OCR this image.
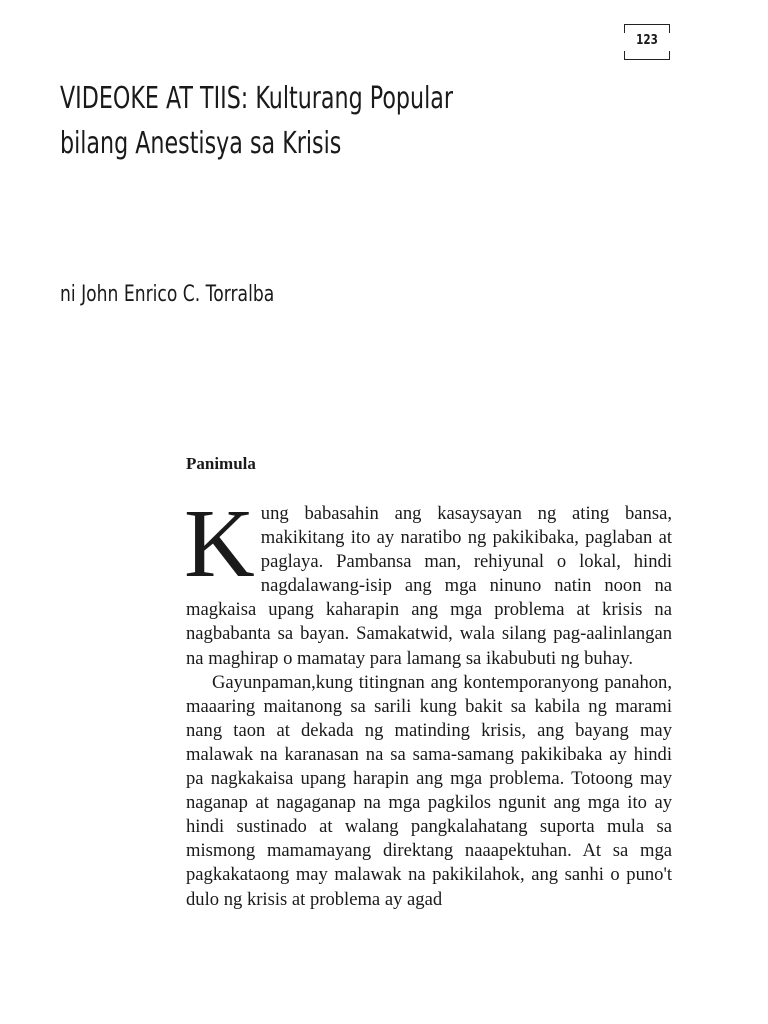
123
VIDEOKE AT TIIS: Kulturang Popular bilang Anestisya sa Krisis

ni John Enrico C. Torralba

Panimula

Kung babasahin ang kasaysayan ng ating bansa, makikitang ito ay naratibo ng pakikibaka, paglaban at paglaya. Pambansa man, rehiyunal o lokal, hindi nagdalawang-isip ang mga ninuno natin noon na magkaisa upang kaharapin ang mga problema at krisis na nagbabanta sa bayan. Samakatwid, wala silang pag-aalinlangan na maghirap o mamatay para lamang sa ikabubuti ng buhay.

Gayunpaman,kung titingnan ang kontemporanyong panahon, maaaring maitanong sa sarili kung bakit sa kabila ng marami nang taon at dekada ng matinding krisis, ang bayang may malawak na karanasan na sa sama-samang pakikibaka ay hindi pa nagkakaisa upang harapin ang mga problema. Totoong may naganap at nagaganap na mga pagkilos ngunit ang mga ito ay hindi sustinado at walang pangkalahatang suporta mula sa mismong mamamayang direktang naaapektuhan. At sa mga pagkakataong may malawak na pakikilahok, ang sanhi o puno't dulo ng krisis at problema ay agad
